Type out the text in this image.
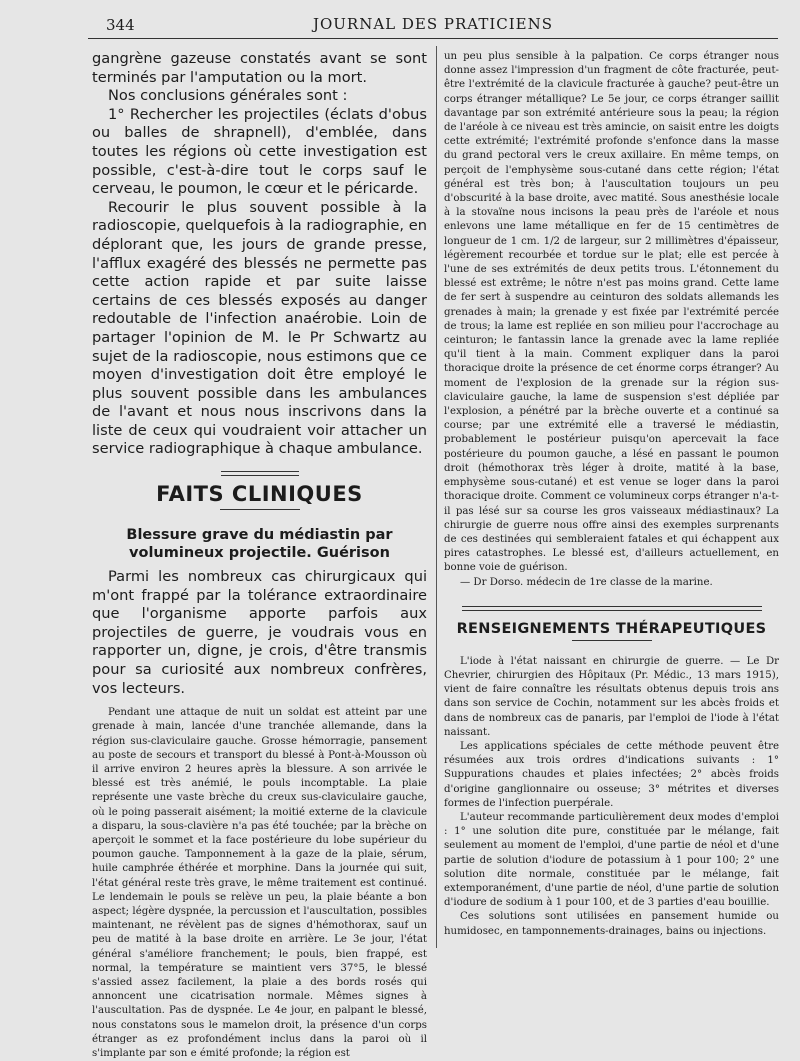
344	JOURNAL DES PRATICIENS

gangrène gazeuse constatés avant se sont terminés par l'amputation ou la mort.

Nos conclusions générales sont :

1° Rechercher les projectiles (éclats d'obus ou balles de shrapnell), d'emblée, dans toutes les régions où cette investigation est possible, c'est-à-dire tout le corps sauf le cerveau, le poumon, le cœur et le péricarde.

Recourir le plus souvent possible à la radioscopie, quelquefois à la radiographie, en déplorant que, les jours de grande presse, l'afflux exagéré des blessés ne permette pas cette action rapide et par suite laisse certains de ces blessés exposés au danger redoutable de l'infection anaérobie. Loin de partager l'opinion de M. le Pr Schwartz au sujet de la radioscopie, nous estimons que ce moyen d'investigation doit être employé le plus souvent possible dans les ambulances de l'avant et nous nous inscrivons dans la liste de ceux qui voudraient voir attacher un service radiographique à chaque ambulance.

FAITS CLINIQUES
Blessure grave du médiastin par volumineux projectile. Guérison

Parmi les nombreux cas chirurgicaux qui m'ont frappé par la tolérance extraordinaire que l'organisme apporte parfois aux projectiles de guerre, je voudrais vous en rapporter un, digne, je crois, d'être transmis pour sa curiosité aux nombreux confrères, vos lecteurs.

Pendant une attaque de nuit un soldat est atteint par une grenade à main, lancée d'une tranchée allemande, dans la région sus-claviculaire gauche. Grosse hémorragie, pansement au poste de secours et transport du blessé à Pont-à-Mousson où il arrive environ 2 heures après la blessure. A son arrivée le blessé est très anémié, le pouls incomptable. La plaie représente une vaste brèche du creux sus-claviculaire gauche, où le poing passerait aisément; la moitié externe de la clavicule a disparu, la sous-clavière n'a pas été touchée; par la brèche on aperçoit le sommet et la face postérieure du lobe supérieur du poumon gauche. Tamponnement à la gaze de la plaie, sérum, huile camphrée éthérée et morphine. Dans la journée qui suit, l'état général reste très grave, le même traitement est continué. Le lendemain le pouls se relève un peu, la plaie béante a bon aspect; légère dyspnée, la percussion et l'auscultation, possibles maintenant, ne révèlent pas de signes d'hémothorax, sauf un peu de matité à la base droite en arrière. Le 3e jour, l'état général s'améliore franchement; le pouls, bien frappé, est normal, la température se maintient vers 37°5, le blessé s'assied assez facilement, la plaie a des bords rosés qui annoncent une cicatrisation normale. Mêmes signes à l'auscultation. Pas de dyspnée. Le 4e jour, en palpant le blessé, nous constatons sous le mamelon droit, la présence d'un corps étranger as ez profondément inclus dans la paroi où il s'implante par son e émité profonde; la région est

un peu plus sensible à la palpation. Ce corps étranger nous donne assez l'impression d'un fragment de côte fracturée, peut-être l'extrémité de la clavicule fracturée à gauche? peut-être un corps étranger métallique? Le 5e jour, ce corps étranger saillit davantage par son extrémité antérieure sous la peau; la région de l'aréole à ce niveau est très amincie, on saisit entre les doigts cette extrémité; l'extrémité profonde s'enfonce dans la masse du grand pectoral vers le creux axillaire. En même temps, on perçoit de l'emphysème sous-cutané dans cette région; l'état général est très bon; à l'auscultation toujours un peu d'obscurité à la base droite, avec matité. Sous anesthésie locale à la stovaïne nous incisons la peau près de l'aréole et nous enlevons une lame métallique en fer de 15 centimètres de longueur de 1 cm. 1/2 de largeur, sur 2 millimètres d'épaisseur, légèrement recourbée et tordue sur le plat; elle est percée à l'une de ses extrémités de deux petits trous. L'étonnement du blessé est extrême; le nôtre n'est pas moins grand. Cette lame de fer sert à suspendre au ceinturon des soldats allemands les grenades à main; la grenade y est fixée par l'extrémité percée de trous; la lame est repliée en son milieu pour l'accrochage au ceinturon; le fantassin lance la grenade avec la lame repliée qu'il tient à la main. Comment expliquer dans la paroi thoracique droite la présence de cet énorme corps étranger? Au moment de l'explosion de la grenade sur la région sus-claviculaire gauche, la lame de suspension s'est dépliée par l'explosion, a pénétré par la brèche ouverte et a continué sa course; par une extrémité elle a traversé le médiastin, probablement le postérieur puisqu'on apercevait la face postérieure du poumon gauche, a lésé en passant le poumon droit (hémothorax très léger à droite, matité à la base, emphysème sous-cutané) et est venue se loger dans la paroi thoracique droite. Comment ce volumineux corps étranger n'a-t-il pas lésé sur sa course les gros vaisseaux médiastinaux? La chirurgie de guerre nous offre ainsi des exemples surprenants de ces destinées qui sembleraient fatales et qui échappent aux pires catastrophes. Le blessé est, d'ailleurs actuellement, en bonne voie de guérison.

— Dr Dorso. médecin de 1re classe de la marine.

RENSEIGNEMENTS THÉRAPEUTIQUES

L'iode à l'état naissant en chirurgie de guerre. — Le Dr Chevrier, chirurgien des Hôpitaux (Pr. Médic., 13 mars 1915), vient de faire connaître les résultats obtenus depuis trois ans dans son service de Cochin, notamment sur les abcès froids et dans de nombreux cas de panaris, par l'emploi de l'iode à l'état naissant.

Les applications spéciales de cette méthode peuvent être résumées aux trois ordres d'indications suivants : 1° Suppurations chaudes et plaies infectées; 2° abcès froids d'origine ganglionnaire ou osseuse; 3° métrites et diverses formes de l'infection puerpérale.

L'auteur recommande particulièrement deux modes d'emploi : 1° une solution dite pure, constituée par le mélange, fait seulement au moment de l'emploi, d'une partie de néol et d'une partie de solution d'iodure de potassium à 1 pour 100; 2° une solution dite normale, constituée par le mélange, fait extemporanément, d'une partie de néol, d'une partie de solution d'iodure de sodium à 1 pour 100, et de 3 parties d'eau bouillie.

Ces solutions sont utilisées en pansement humide ou humidosec, en tamponnements-drainages, bains ou injections.
